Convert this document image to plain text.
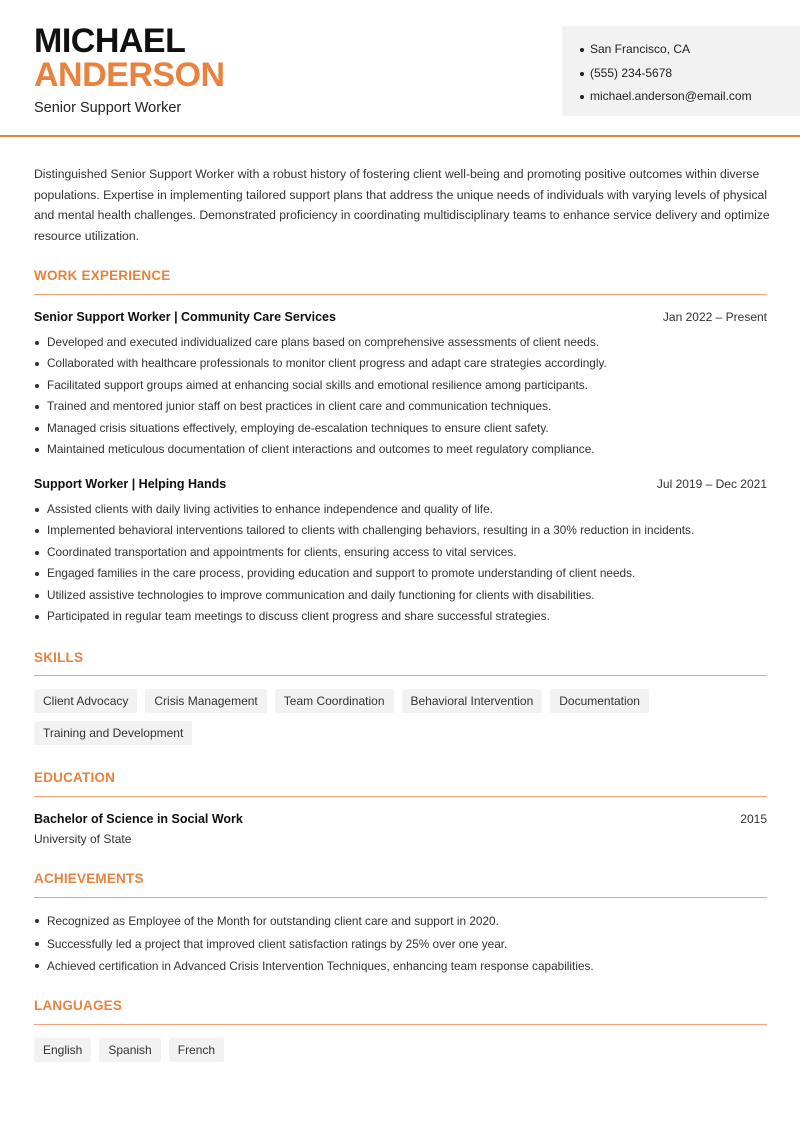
MICHAEL
ANDERSON
Senior Support Worker
San Francisco, CA
(555) 234-5678
michael.anderson@email.com

Distinguished Senior Support Worker with a robust history of fostering client well-being and promoting positive outcomes within diverse populations. Expertise in implementing tailored support plans that address the unique needs of individuals with varying levels of physical and mental health challenges. Demonstrated proficiency in coordinating multidisciplinary teams to enhance service delivery and optimize resource utilization.

WORK EXPERIENCE
Senior Support Worker | Community Care Services	Jan 2022 – Present
Developed and executed individualized care plans based on comprehensive assessments of client needs.
Collaborated with healthcare professionals to monitor client progress and adapt care strategies accordingly.
Facilitated support groups aimed at enhancing social skills and emotional resilience among participants.
Trained and mentored junior staff on best practices in client care and communication techniques.
Managed crisis situations effectively, employing de-escalation techniques to ensure client safety.
Maintained meticulous documentation of client interactions and outcomes to meet regulatory compliance.
Support Worker | Helping Hands	Jul 2019 – Dec 2021
Assisted clients with daily living activities to enhance independence and quality of life.
Implemented behavioral interventions tailored to clients with challenging behaviors, resulting in a 30% reduction in incidents.
Coordinated transportation and appointments for clients, ensuring access to vital services.
Engaged families in the care process, providing education and support to promote understanding of client needs.
Utilized assistive technologies to improve communication and daily functioning for clients with disabilities.
Participated in regular team meetings to discuss client progress and share successful strategies.
SKILLS
Client Advocacy	Crisis Management	Team Coordination	Behavioral Intervention	Documentation
Training and Development
EDUCATION
Bachelor of Science in Social Work	2015
University of State
ACHIEVEMENTS
Recognized as Employee of the Month for outstanding client care and support in 2020.
Successfully led a project that improved client satisfaction ratings by 25% over one year.
Achieved certification in Advanced Crisis Intervention Techniques, enhancing team response capabilities.
LANGUAGES
English	Spanish	French
